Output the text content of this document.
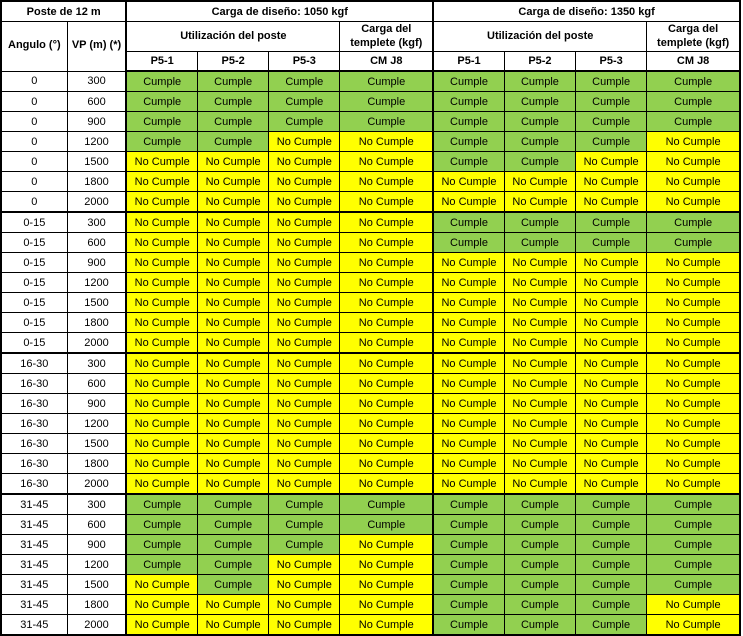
Poste de 12 m		Carga de diseño: 1050 kgf				Carga de diseño: 1350 kgf			
Angulo (°)	VP (m) (*)	Utilización del poste			Carga del templete (kgf)	Utilización del poste			Carga del templete (kgf)
		P5-1	P5-2	P5-3	CM J8	P5-1	P5-2	P5-3	CM J8
0	300	Cumple	Cumple	Cumple	Cumple	Cumple	Cumple	Cumple	Cumple
0	600	Cumple	Cumple	Cumple	Cumple	Cumple	Cumple	Cumple	Cumple
0	900	Cumple	Cumple	Cumple	Cumple	Cumple	Cumple	Cumple	Cumple
0	1200	Cumple	Cumple	No Cumple	No Cumple	Cumple	Cumple	Cumple	No Cumple
0	1500	No Cumple	No Cumple	No Cumple	No Cumple	Cumple	Cumple	No Cumple	No Cumple
0	1800	No Cumple	No Cumple	No Cumple	No Cumple	No Cumple	No Cumple	No Cumple	No Cumple
0	2000	No Cumple	No Cumple	No Cumple	No Cumple	No Cumple	No Cumple	No Cumple	No Cumple
0-15	300	No Cumple	No Cumple	No Cumple	No Cumple	Cumple	Cumple	Cumple	Cumple
0-15	600	No Cumple	No Cumple	No Cumple	No Cumple	Cumple	Cumple	Cumple	Cumple
0-15	900	No Cumple	No Cumple	No Cumple	No Cumple	No Cumple	No Cumple	No Cumple	No Cumple
0-15	1200	No Cumple	No Cumple	No Cumple	No Cumple	No Cumple	No Cumple	No Cumple	No Cumple
0-15	1500	No Cumple	No Cumple	No Cumple	No Cumple	No Cumple	No Cumple	No Cumple	No Cumple
0-15	1800	No Cumple	No Cumple	No Cumple	No Cumple	No Cumple	No Cumple	No Cumple	No Cumple
0-15	2000	No Cumple	No Cumple	No Cumple	No Cumple	No Cumple	No Cumple	No Cumple	No Cumple
16-30	300	No Cumple	No Cumple	No Cumple	No Cumple	No Cumple	No Cumple	No Cumple	No Cumple
16-30	600	No Cumple	No Cumple	No Cumple	No Cumple	No Cumple	No Cumple	No Cumple	No Cumple
16-30	900	No Cumple	No Cumple	No Cumple	No Cumple	No Cumple	No Cumple	No Cumple	No Cumple
16-30	1200	No Cumple	No Cumple	No Cumple	No Cumple	No Cumple	No Cumple	No Cumple	No Cumple
16-30	1500	No Cumple	No Cumple	No Cumple	No Cumple	No Cumple	No Cumple	No Cumple	No Cumple
16-30	1800	No Cumple	No Cumple	No Cumple	No Cumple	No Cumple	No Cumple	No Cumple	No Cumple
16-30	2000	No Cumple	No Cumple	No Cumple	No Cumple	No Cumple	No Cumple	No Cumple	No Cumple
31-45	300	Cumple	Cumple	Cumple	Cumple	Cumple	Cumple	Cumple	Cumple
31-45	600	Cumple	Cumple	Cumple	Cumple	Cumple	Cumple	Cumple	Cumple
31-45	900	Cumple	Cumple	Cumple	No Cumple	Cumple	Cumple	Cumple	Cumple
31-45	1200	Cumple	Cumple	No Cumple	No Cumple	Cumple	Cumple	Cumple	Cumple
31-45	1500	No Cumple	Cumple	No Cumple	No Cumple	Cumple	Cumple	Cumple	Cumple
31-45	1800	No Cumple	No Cumple	No Cumple	No Cumple	Cumple	Cumple	Cumple	No Cumple
31-45	2000	No Cumple	No Cumple	No Cumple	No Cumple	Cumple	Cumple	Cumple	No Cumple
